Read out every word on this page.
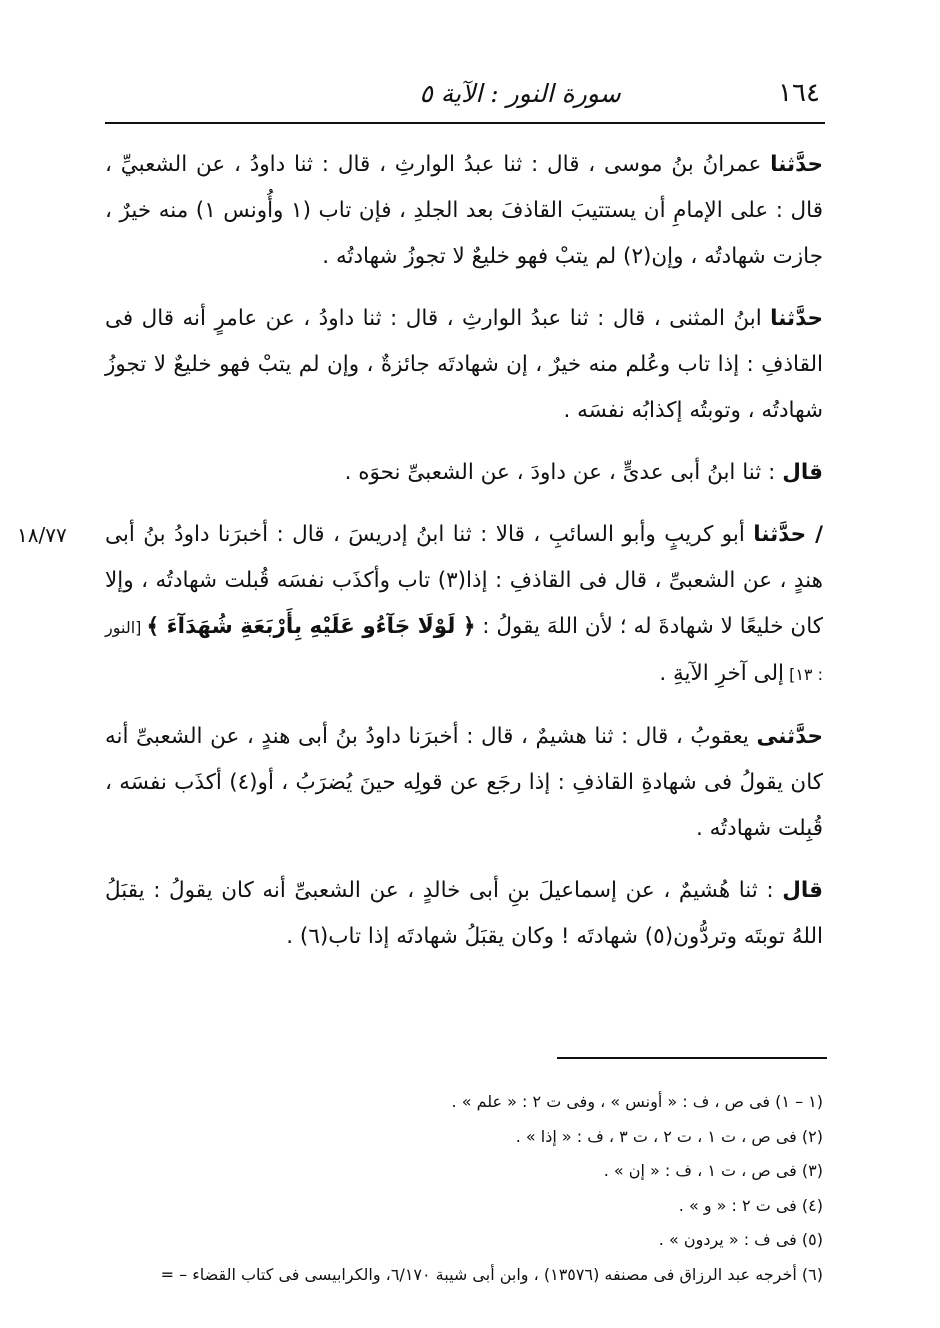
١٦٤
سورة النور : الآية ٥

حدَّثنا عمرانُ بنُ موسى ، قال : ثنا عبدُ الوارثِ ، قال : ثنا داودُ ، عن الشعبيِّ ، قال : على الإمامِ أن يستتيبَ القاذفَ بعد الجلدِ ، فإن تاب (١ وأُونس ١) منه خيرٌ ، جازت شهادتُه ، وإن(٢) لم يتبْ فهو خليعٌ لا تجوزُ شهادتُه .

حدَّثنا ابنُ المثنى ، قال : ثنا عبدُ الوارثِ ، قال : ثنا داودُ ، عن عامرٍ أنه قال فى القاذفِ : إذا تاب وعُلم منه خيرٌ ، إن شهادتَه جائزةٌ ، وإن لم يتبْ فهو خليعٌ لا تجوزُ شهادتُه ، وتوبتُه إكذابُه نفسَه .

قال : ثنا ابنُ أبى عدىٍّ ، عن داودَ ، عن الشعبىِّ نحوَه .

١٨/٧٧	/ حدَّثنا أبو كريبٍ وأبو السائبِ ، قالا : ثنا ابنُ إدريسَ ، قال : أخبرَنا داودُ بنُ أبى هندٍ ، عن الشعبىِّ ، قال فى القاذفِ : إذا(٣) تاب وأكذَب نفسَه قُبلت شهادتُه ، وإلا كان خليعًا لا شهادةَ له ؛ لأن اللهَ يقولُ : ﴿ لَوْلَا جَآءُو عَلَيْهِ بِأَرْبَعَةِ شُهَدَآءَ ﴾ [النور : ١٣] إلى آخرِ الآيةِ .

حدَّثنى يعقوبُ ، قال : ثنا هشيمٌ ، قال : أخبرَنا داودُ بنُ أبى هندٍ ، عن الشعبىِّ أنه كان يقولُ فى شهادةِ القاذفِ : إذا رجَع عن قولِه حينَ يُضرَبُ ، أو(٤) أكذَب نفسَه ، قُبِلت شهادتُه .

قال : ثنا هُشيمٌ ، عن إسماعيلَ بنِ أبى خالدٍ ، عن الشعبىِّ أنه كان يقولُ : يقبَلُ اللهُ توبتَه وتردُّون(٥) شهادتَه ! وكان يقبَلُ شهادتَه إذا تاب(٦) .

(١ – ١) فى ص ، ف : « أونس » ، وفى ت ٢ : « علم » .

(٢) فى ص ، ت ١ ، ت ٢ ، ت ٣ ، ف : « إذا » .

(٣) فى ص ، ت ١ ، ف : « إن » .

(٤) فى ت ٢ : « و » .

(٥) فى ف : « يردون » .

(٦) أخرجه عبد الرزاق فى مصنفه (١٣٥٧٦) ، وابن أبى شيبة ٦/١٧٠، والكرابيسى فى كتاب القضاء – =
